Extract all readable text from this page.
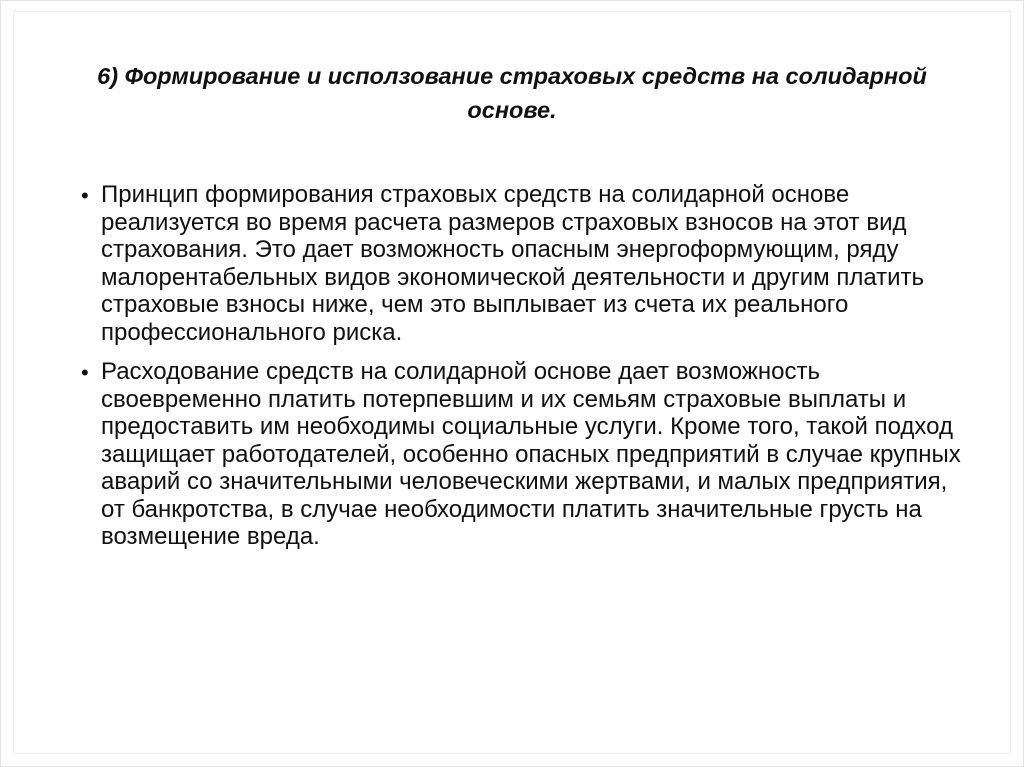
6) Формирование и исползование страховых средств на солидарной основе.
• Принцип формирования страховых средств на солидарной основе реализуется во время расчета размеров страховых взносов на этот вид страхования. Это дает возможность опасным энергоформующим, ряду малорентабельных видов экономической деятельности и другим платить страховые взносы ниже, чем это выплывает из счета их реального профессионального риска.
• Расходование средств на солидарной основе дает возможность своевременно платить потерпевшим и их семьям страховые выплаты и предоставить им необходимы социальные услуги. Кроме того, такой подход защищает работодателей, особенно опасных предприятий в случае крупных аварий со значительными человеческими жертвами, и малых предприятия, от банкротства, в случае необходимости платить значительные грусть на возмещение вреда.
